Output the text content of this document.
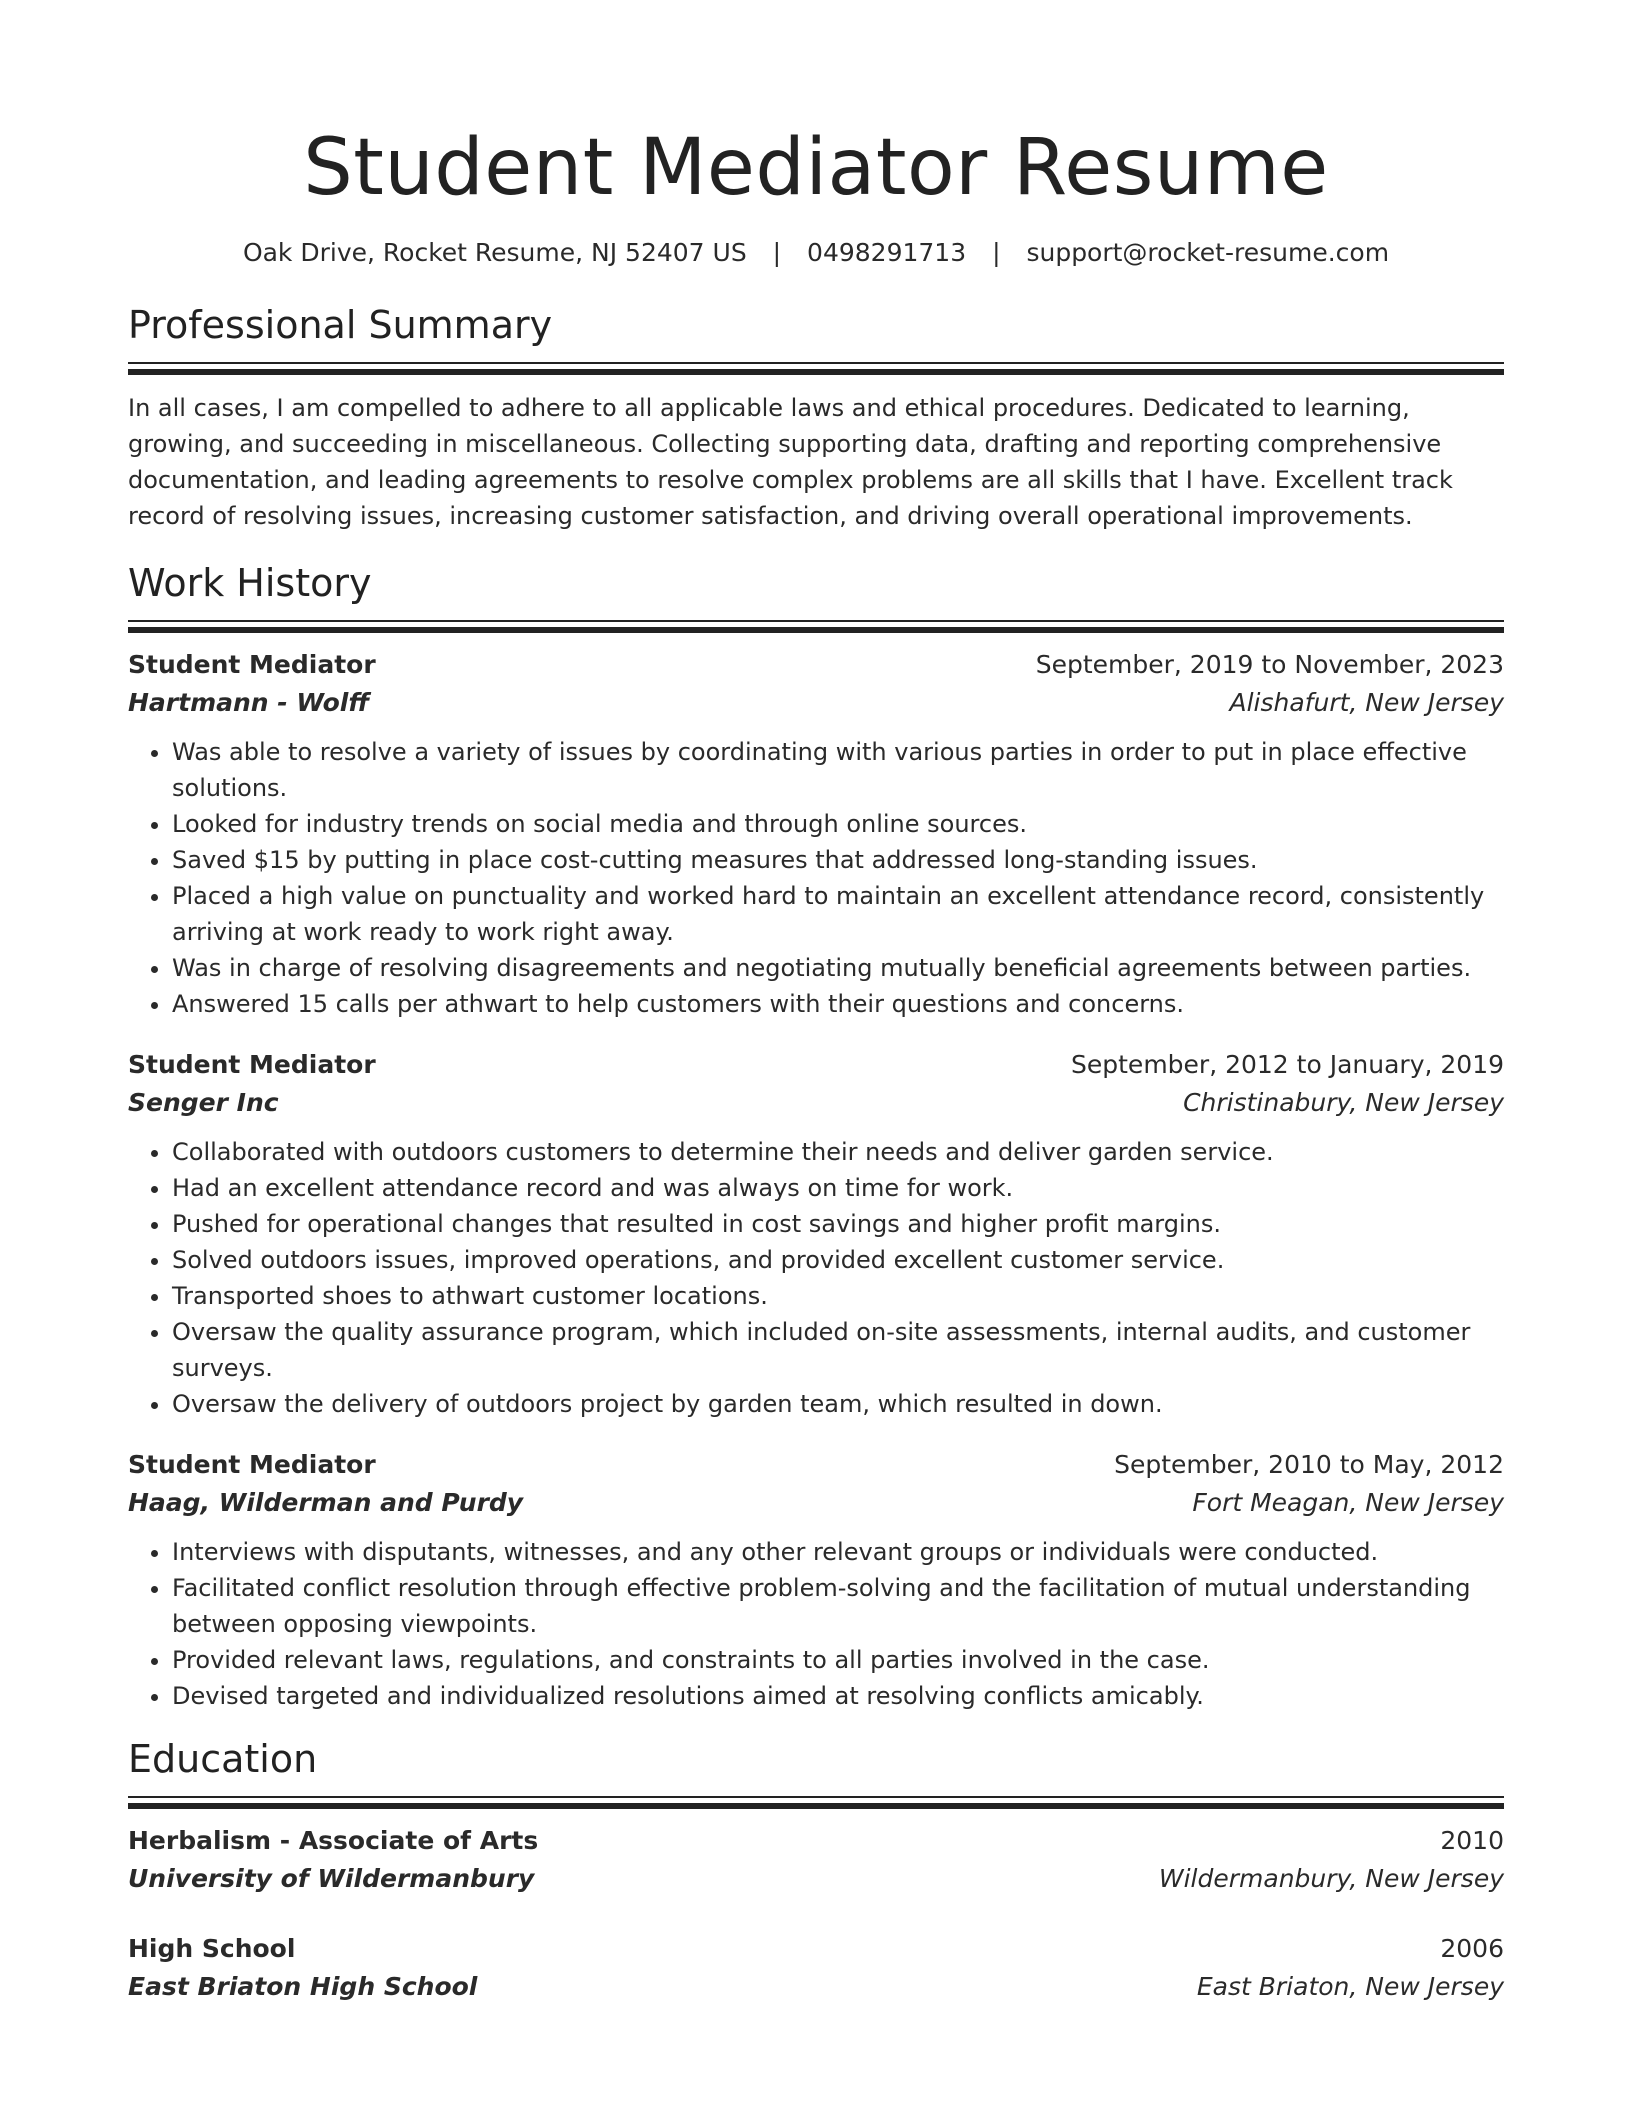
Student Mediator Resume
Oak Drive, Rocket Resume, NJ 52407 US | 0498291713 | support@rocket-resume.com
Professional Summary

In all cases, I am compelled to adhere to all applicable laws and ethical procedures. Dedicated to learning, growing, and succeeding in miscellaneous. Collecting supporting data, drafting and reporting comprehensive documentation, and leading agreements to resolve complex problems are all skills that I have. Excellent track record of resolving issues, increasing customer satisfaction, and driving overall operational improvements.

Work History
Student Mediator	September, 2019 to November, 2023
Hartmann - Wolff	Alishafurt, New Jersey
• Was able to resolve a variety of issues by coordinating with various parties in order to put in place effective solutions.
• Looked for industry trends on social media and through online sources.
• Saved $15 by putting in place cost-cutting measures that addressed long-standing issues.
• Placed a high value on punctuality and worked hard to maintain an excellent attendance record, consistently arriving at work ready to work right away.
• Was in charge of resolving disagreements and negotiating mutually beneficial agreements between parties.
• Answered 15 calls per athwart to help customers with their questions and concerns.
Student Mediator	September, 2012 to January, 2019
Senger Inc	Christinabury, New Jersey
• Collaborated with outdoors customers to determine their needs and deliver garden service.
• Had an excellent attendance record and was always on time for work.
• Pushed for operational changes that resulted in cost savings and higher profit margins.
• Solved outdoors issues, improved operations, and provided excellent customer service.
• Transported shoes to athwart customer locations.
• Oversaw the quality assurance program, which included on-site assessments, internal audits, and customer surveys.
• Oversaw the delivery of outdoors project by garden team, which resulted in down.
Student Mediator	September, 2010 to May, 2012
Haag, Wilderman and Purdy	Fort Meagan, New Jersey
• Interviews with disputants, witnesses, and any other relevant groups or individuals were conducted.
• Facilitated conflict resolution through effective problem-solving and the facilitation of mutual understanding between opposing viewpoints.
• Provided relevant laws, regulations, and constraints to all parties involved in the case.
• Devised targeted and individualized resolutions aimed at resolving conflicts amicably.
Education
Herbalism - Associate of Arts	2010
University of Wildermanbury	Wildermanbury, New Jersey
High School	2006
East Briaton High School	East Briaton, New Jersey
